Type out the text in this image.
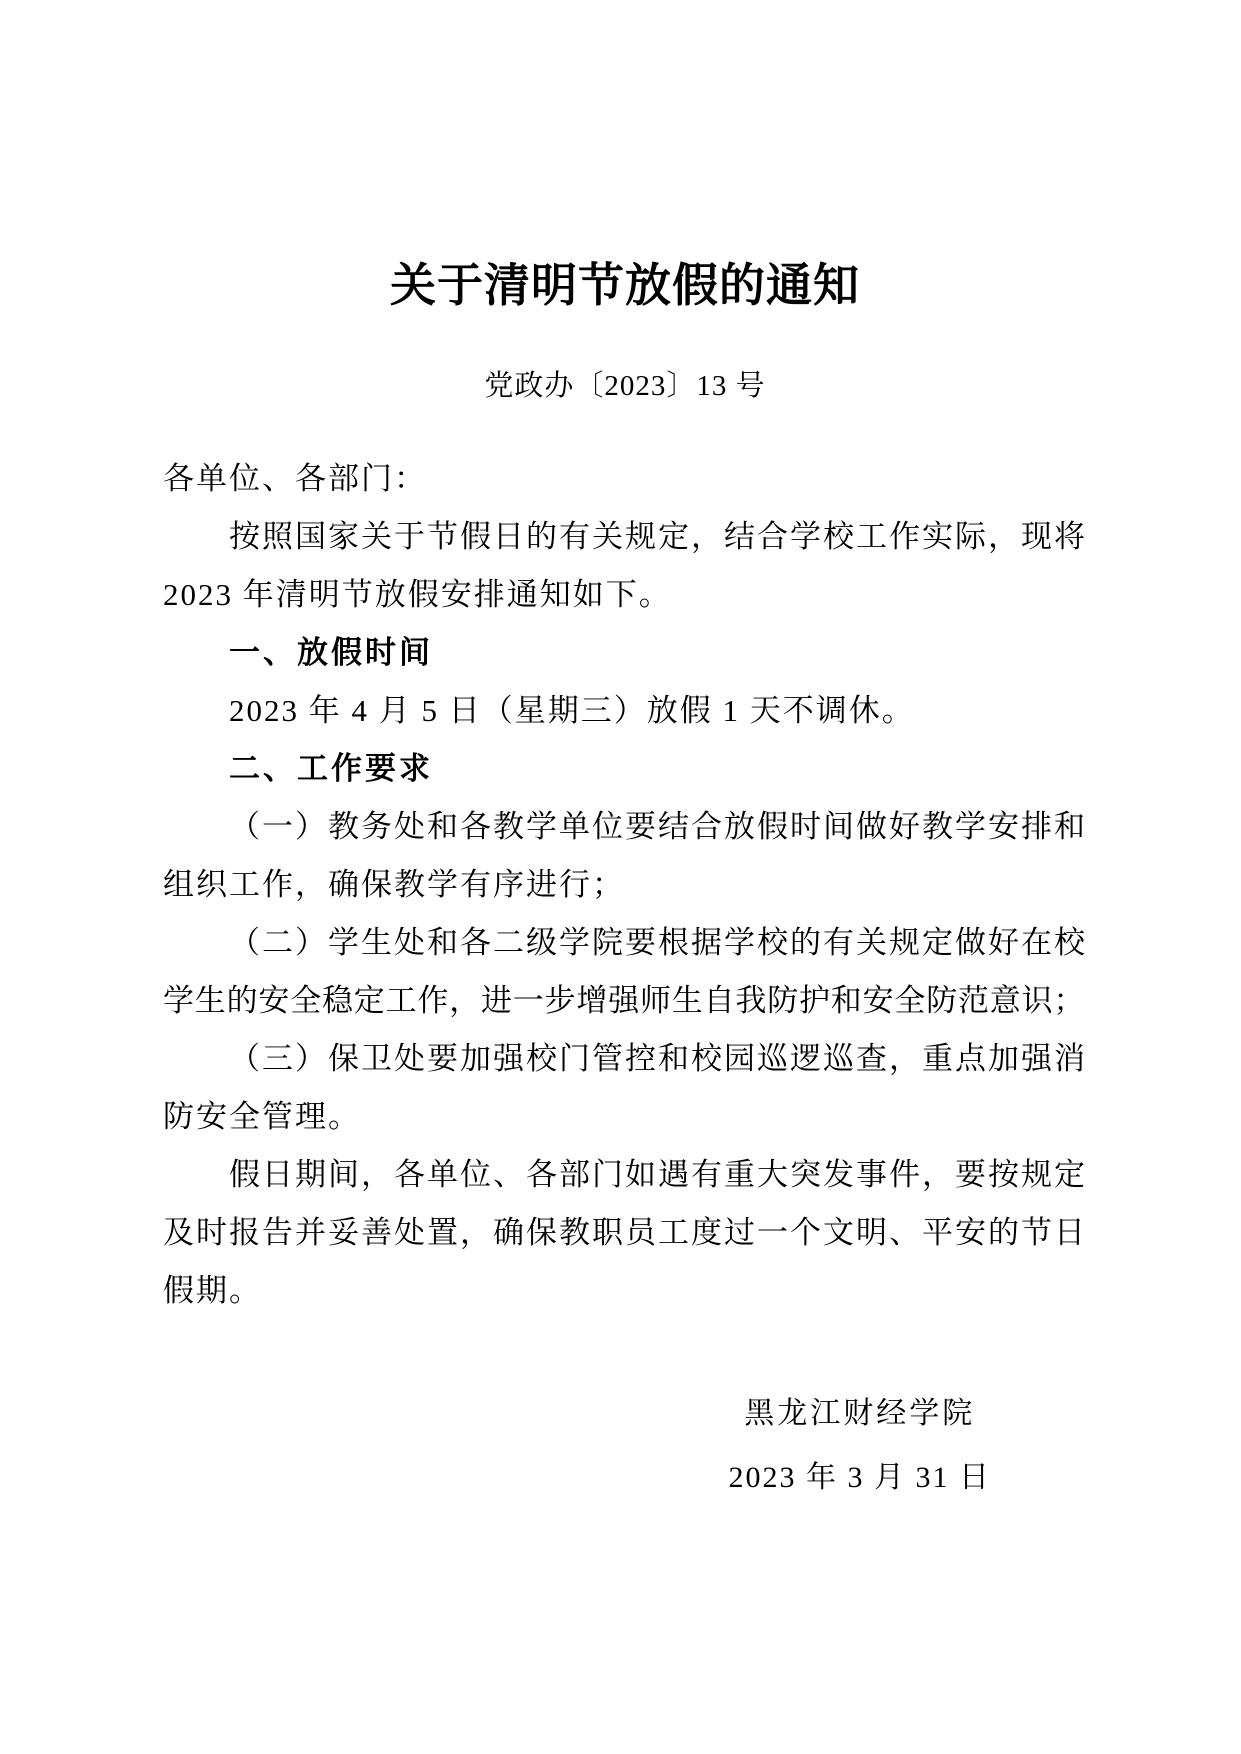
关于清明节放假的通知
党政办〔2023〕13 号
各单位、各部门：
按照国家关于节假日的有关规定，结合学校工作实际，现将
2023 年清明节放假安排通知如下。
一、放假时间
2023 年 4 月 5 日（星期三）放假 1 天不调休。
二、工作要求
（一）教务处和各教学单位要结合放假时间做好教学安排和
组织工作，确保教学有序进行；
（二）学生处和各二级学院要根据学校的有关规定做好在校
学生的安全稳定工作，进一步增强师生自我防护和安全防范意识；
（三）保卫处要加强校门管控和校园巡逻巡查，重点加强消
防安全管理。
假日期间，各单位、各部门如遇有重大突发事件，要按规定
及时报告并妥善处置，确保教职员工度过一个文明、平安的节日
假期。
黑龙江财经学院
2023 年 3 月 31 日
